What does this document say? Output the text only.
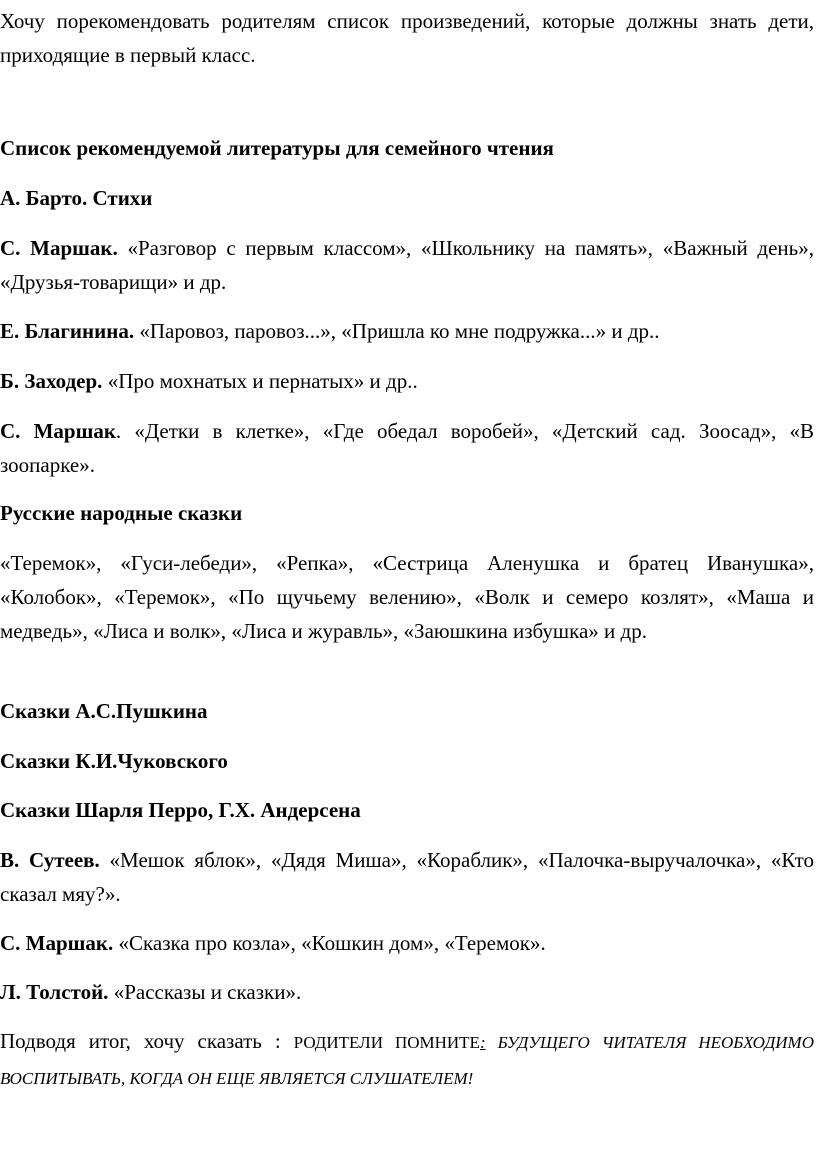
Хочу порекомендовать родителям список произведений, которые должны знать дети, приходящие в первый класс.

Список рекомендуемой литературы для семейного чтения

А. Барто. Стихи

С. Маршак. «Разговор с первым классом», «Школьнику на память», «Важный день», «Друзья-товарищи» и др.

Е. Благинина. «Паровоз, паровоз...», «Пришла ко мне подружка...» и др..

Б. Заходер. «Про мохнатых и пернатых» и др..

С. Маршак. «Детки в клетке», «Где обедал воробей», «Детский сад. Зоосад», «В зоопарке».

Русские народные сказки

«Теремок», «Гуси-лебеди», «Репка», «Сестрица Аленушка и братец Иванушка», «Колобок», «Теремок», «По щучьему велению», «Волк и семеро козлят», «Маша и медведь», «Лиса и волк», «Лиса и журавль», «Заюшкина избушка» и др.

Сказки А.С.Пушкина

Сказки К.И.Чуковского

Сказки Шарля Перро, Г.Х. Андерсена

В. Сутеев. «Мешок яблок», «Дядя Миша», «Кораблик», «Палочка-выручалочка», «Кто сказал мяу?».

С. Маршак. «Сказка про козла», «Кошкин дом», «Теремок».

Л. Толстой. «Рассказы и сказки».

Подводя итог, хочу сказать : РОДИТЕЛИ ПОМНИТЕ: БУДУЩЕГО ЧИТАТЕЛЯ НЕОБХОДИМО ВОСПИТЫВАТЬ, КОГДА ОН ЕЩЕ ЯВЛЯЕТСЯ СЛУШАТЕЛЕМ!
